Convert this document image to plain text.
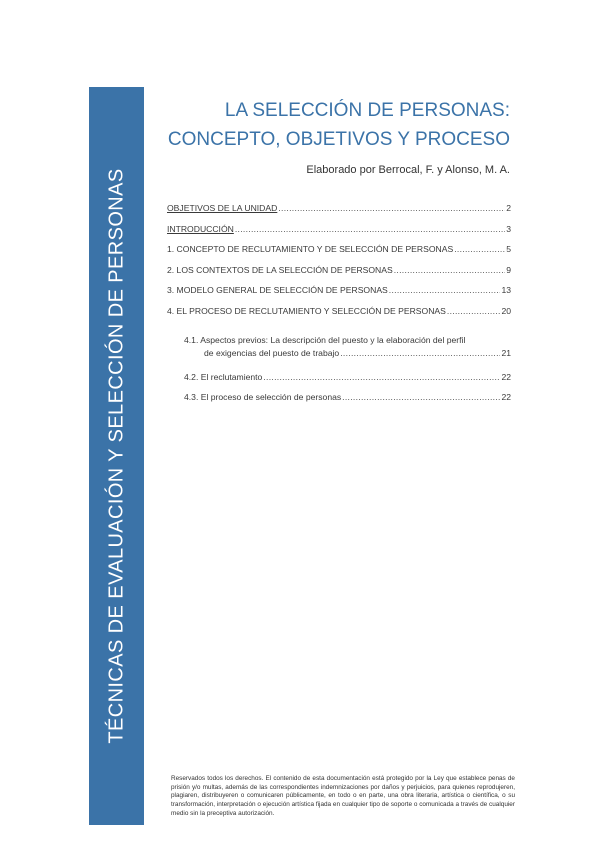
TÉCNICAS DE EVALUACIÓN Y SELECCIÓN DE PERSONAS
LA SELECCIÓN DE PERSONAS:
CONCEPTO, OBJETIVOS Y PROCESO
Elaborado por Berrocal, F. y Alonso, M. A.
OBJETIVOS DE LA UNIDAD .....	2
INTRODUCCIÓN .....	3
1. CONCEPTO DE RECLUTAMIENTO Y DE SELECCIÓN DE PERSONAS .....	5
2. LOS CONTEXTOS DE LA SELECCIÓN DE PERSONAS .....	9
3. MODELO GENERAL DE SELECCIÓN DE PERSONAS .....	13
4. EL PROCESO DE RECLUTAMIENTO Y SELECCIÓN DE PERSONAS .....	20
4.1. Aspectos previos: La descripción del puesto y la elaboración del perfil
de exigencias del puesto de trabajo .....	21
4.2. El reclutamiento .....	22
4.3. El proceso de selección de personas .....	22
Reservados todos los derechos. El contenido de esta documentación está protegido por la Ley que establece penas de prisión y/o multas, además de las correspondientes indemnizaciones por daños y perjuicios, para quienes reprodujeren, plagiaren, distribuyeren o comunicaren públicamente, en todo o en parte, una obra literaria, artística o científica, o su transformación, interpretación o ejecución artística fijada en cualquier tipo de soporte o comunicada a través de cualquier medio sin la preceptiva autorización.
